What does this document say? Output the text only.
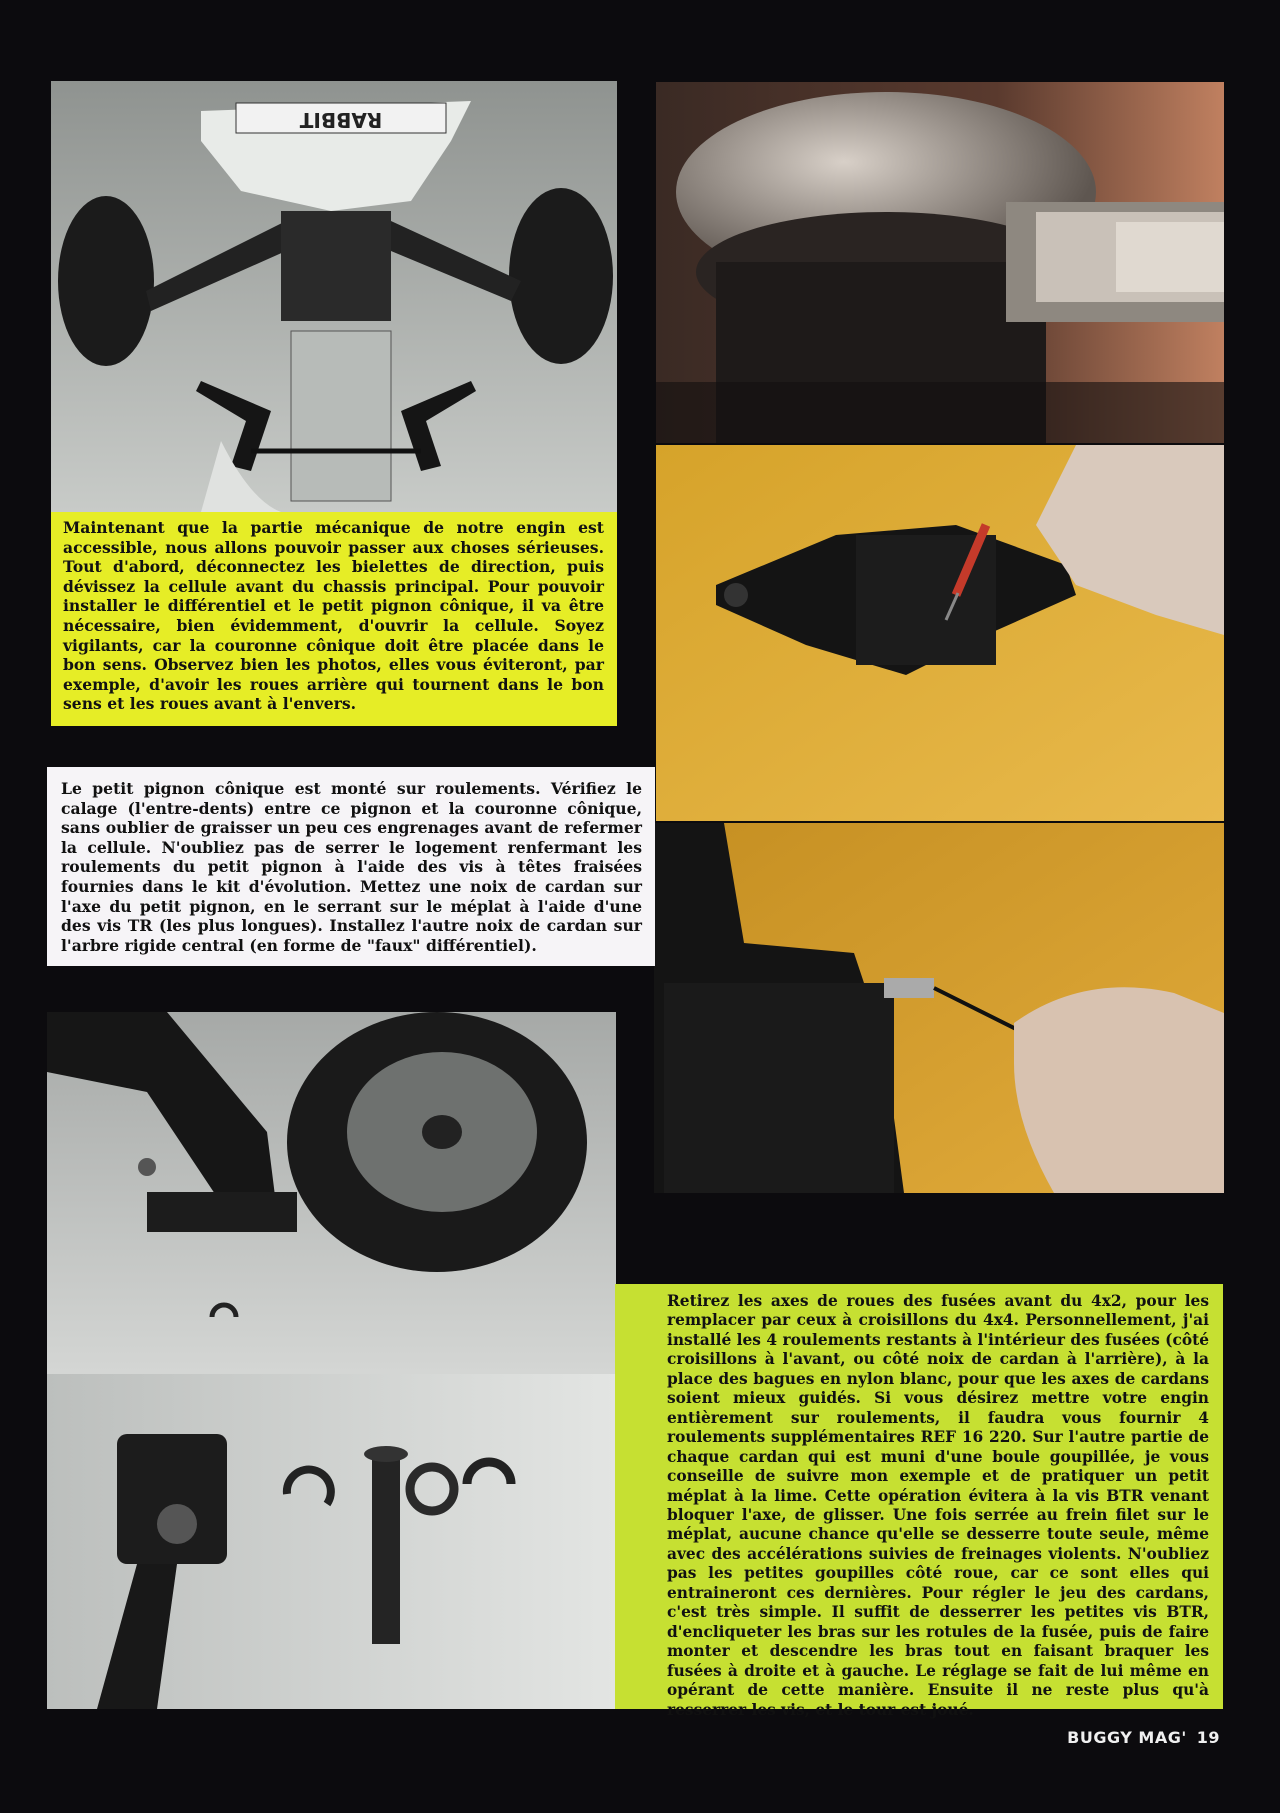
RABBIT
Maintenant que la partie mécanique de notre engin est accessible, nous allons pouvoir passer aux choses sérieuses. Tout d'abord, déconnectez les bielettes de direction, puis dévissez la cellule avant du chassis principal. Pour pouvoir installer le différentiel et le petit pignon cônique, il va être nécessaire, bien évidemment, d'ouvrir la cellule. Soyez vigilants, car la couronne cônique doit être placée dans le bon sens. Observez bien les photos, elles vous éviteront, par exemple, d'avoir les roues arrière qui tournent dans le bon sens et les roues avant à l'envers.
Le petit pignon cônique est monté sur roulements. Vérifiez le calage (l'entre-dents) entre ce pignon et la couronne cônique, sans oublier de graisser un peu ces engrenages avant de refermer la cellule. N'oubliez pas de serrer le logement renfermant les roulements du petit pignon à l'aide des vis à têtes fraisées fournies dans le kit d'évolution. Mettez une noix de cardan sur l'axe du petit pignon, en le serrant sur le méplat à l'aide d'une des vis TR (les plus longues). Installez l'autre noix de cardan sur l'arbre rigide central (en forme de "faux" différentiel).
Retirez les axes de roues des fusées avant du 4x2, pour les remplacer par ceux à croisillons du 4x4. Personnellement, j'ai installé les 4 roulements restants à l'intérieur des fusées (côté croisillons à l'avant, ou côté noix de cardan à l'arrière), à la place des bagues en nylon blanc, pour que les axes de cardans soient mieux guidés. Si vous désirez mettre votre engin entièrement sur roulements, il faudra vous fournir 4 roulements supplémentaires REF 16 220. Sur l'autre partie de chaque cardan qui est muni d'une boule goupillée, je vous conseille de suivre mon exemple et de pratiquer un petit méplat à la lime. Cette opération évitera à la vis BTR venant bloquer l'axe, de glisser. Une fois serrée au frein filet sur le méplat, aucune chance qu'elle se desserre toute seule, même avec des accélérations suivies de freinages violents. N'oubliez pas les petites goupilles côté roue, car ce sont elles qui entraineront ces dernières. Pour régler le jeu des cardans, c'est très simple. Il suffit de desserrer les petites vis BTR, d'encliqueter les bras sur les rotules de la fusée, puis de faire monter et descendre les bras tout en faisant braquer les fusées à droite et à gauche. Le réglage se fait de lui même en opérant de cette manière. Ensuite il ne reste plus qu'à resserrer les vis, et le tour est joué.
BUGGY MAG' 19
